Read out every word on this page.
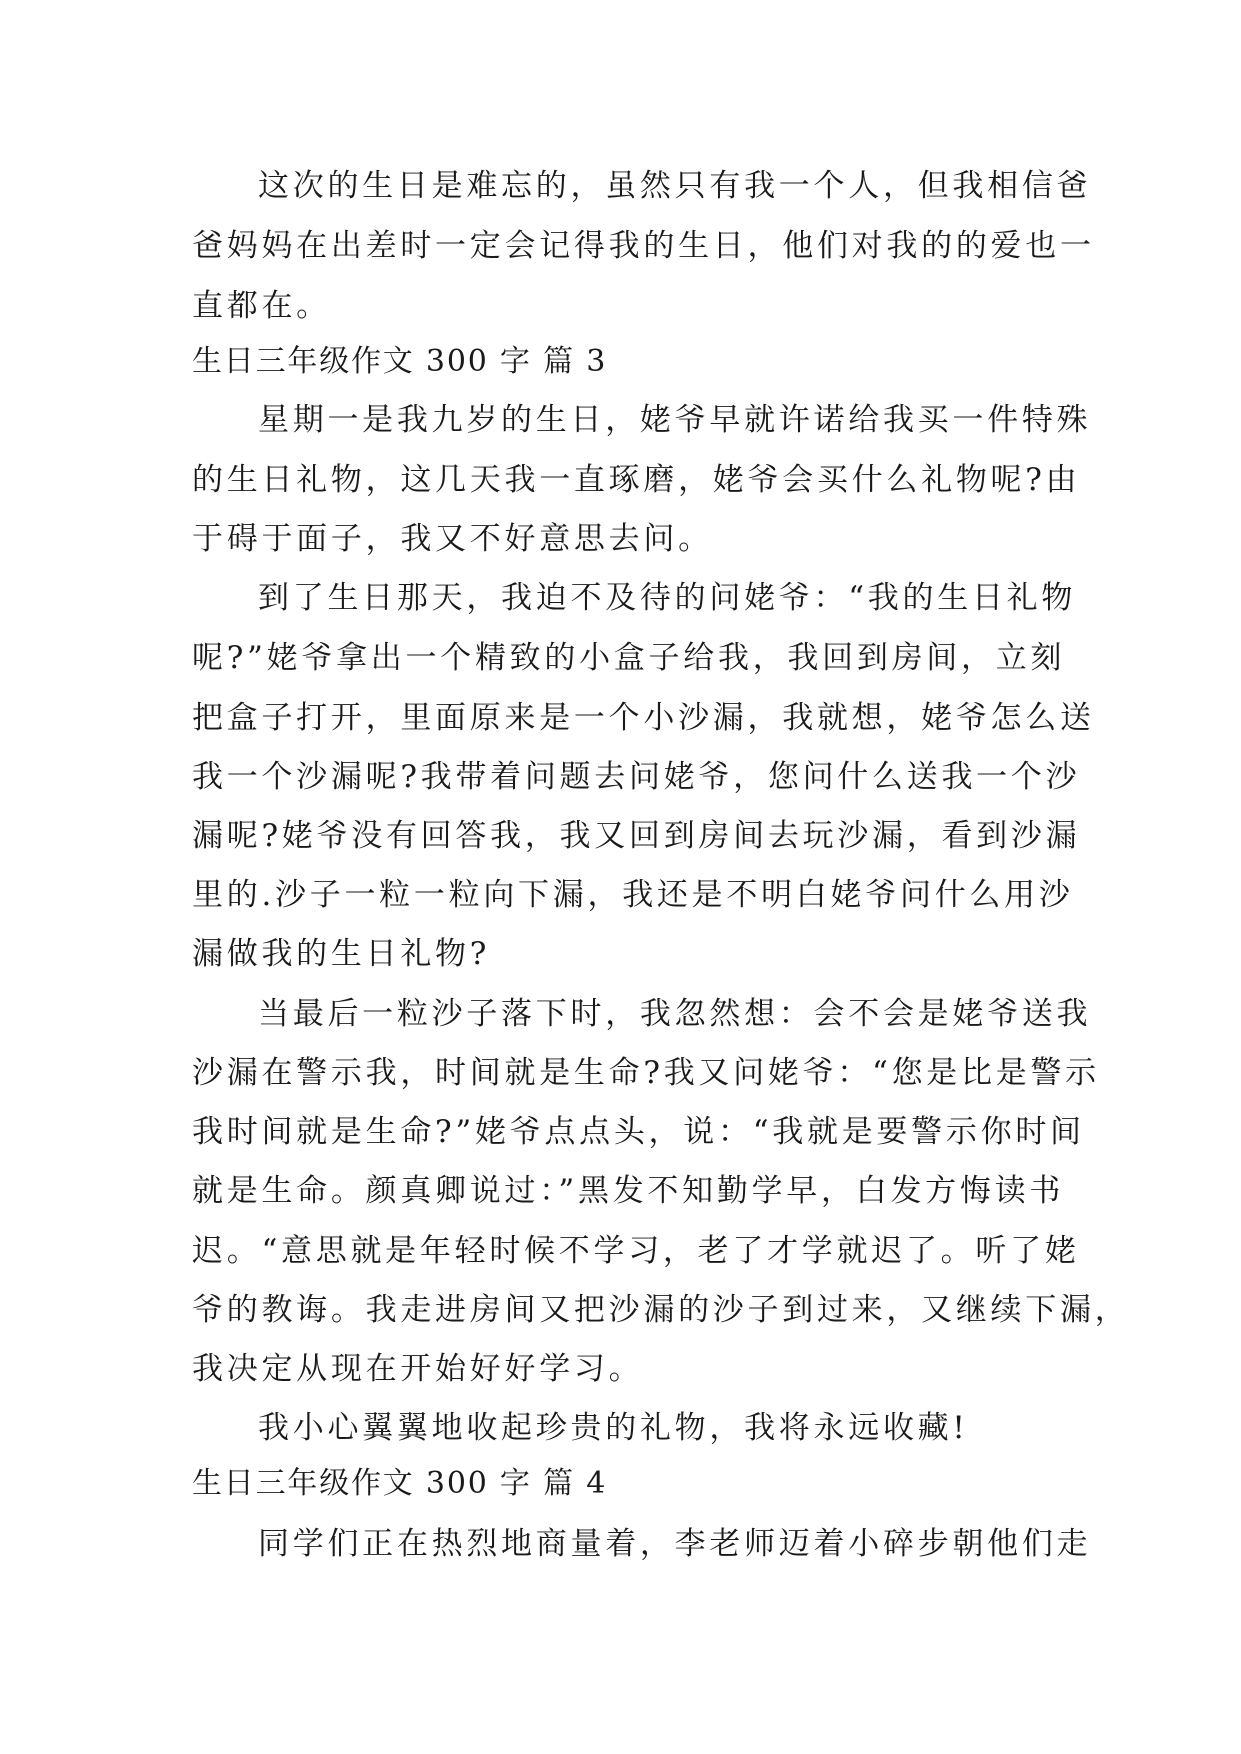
这次的生日是难忘的，虽然只有我一个人，但我相信爸
爸妈妈在出差时一定会记得我的生日，他们对我的的爱也一
直都在。
生日三年级作文 300 字 篇 3
星期一是我九岁的生日，姥爷早就许诺给我买一件特殊
的生日礼物，这几天我一直琢磨，姥爷会买什么礼物呢?由
于碍于面子，我又不好意思去问。
到了生日那天，我迫不及待的问姥爷：“我的生日礼物
呢?”姥爷拿出一个精致的小盒子给我，我回到房间，立刻
把盒子打开，里面原来是一个小沙漏，我就想，姥爷怎么送
我一个沙漏呢?我带着问题去问姥爷，您问什么送我一个沙
漏呢?姥爷没有回答我，我又回到房间去玩沙漏，看到沙漏
里的.沙子一粒一粒向下漏，我还是不明白姥爷问什么用沙
漏做我的生日礼物?
当最后一粒沙子落下时，我忽然想：会不会是姥爷送我
沙漏在警示我，时间就是生命?我又问姥爷：“您是比是警示
我时间就是生命?”姥爷点点头，说：“我就是要警示你时间
就是生命。颜真卿说过：”黑发不知勤学早，白发方悔读书
迟。“意思就是年轻时候不学习，老了才学就迟了。听了姥
爷的教诲。我走进房间又把沙漏的沙子到过来，又继续下漏，
我决定从现在开始好好学习。
我小心翼翼地收起珍贵的礼物，我将永远收藏!
生日三年级作文 300 字 篇 4
同学们正在热烈地商量着，李老师迈着小碎步朝他们走
